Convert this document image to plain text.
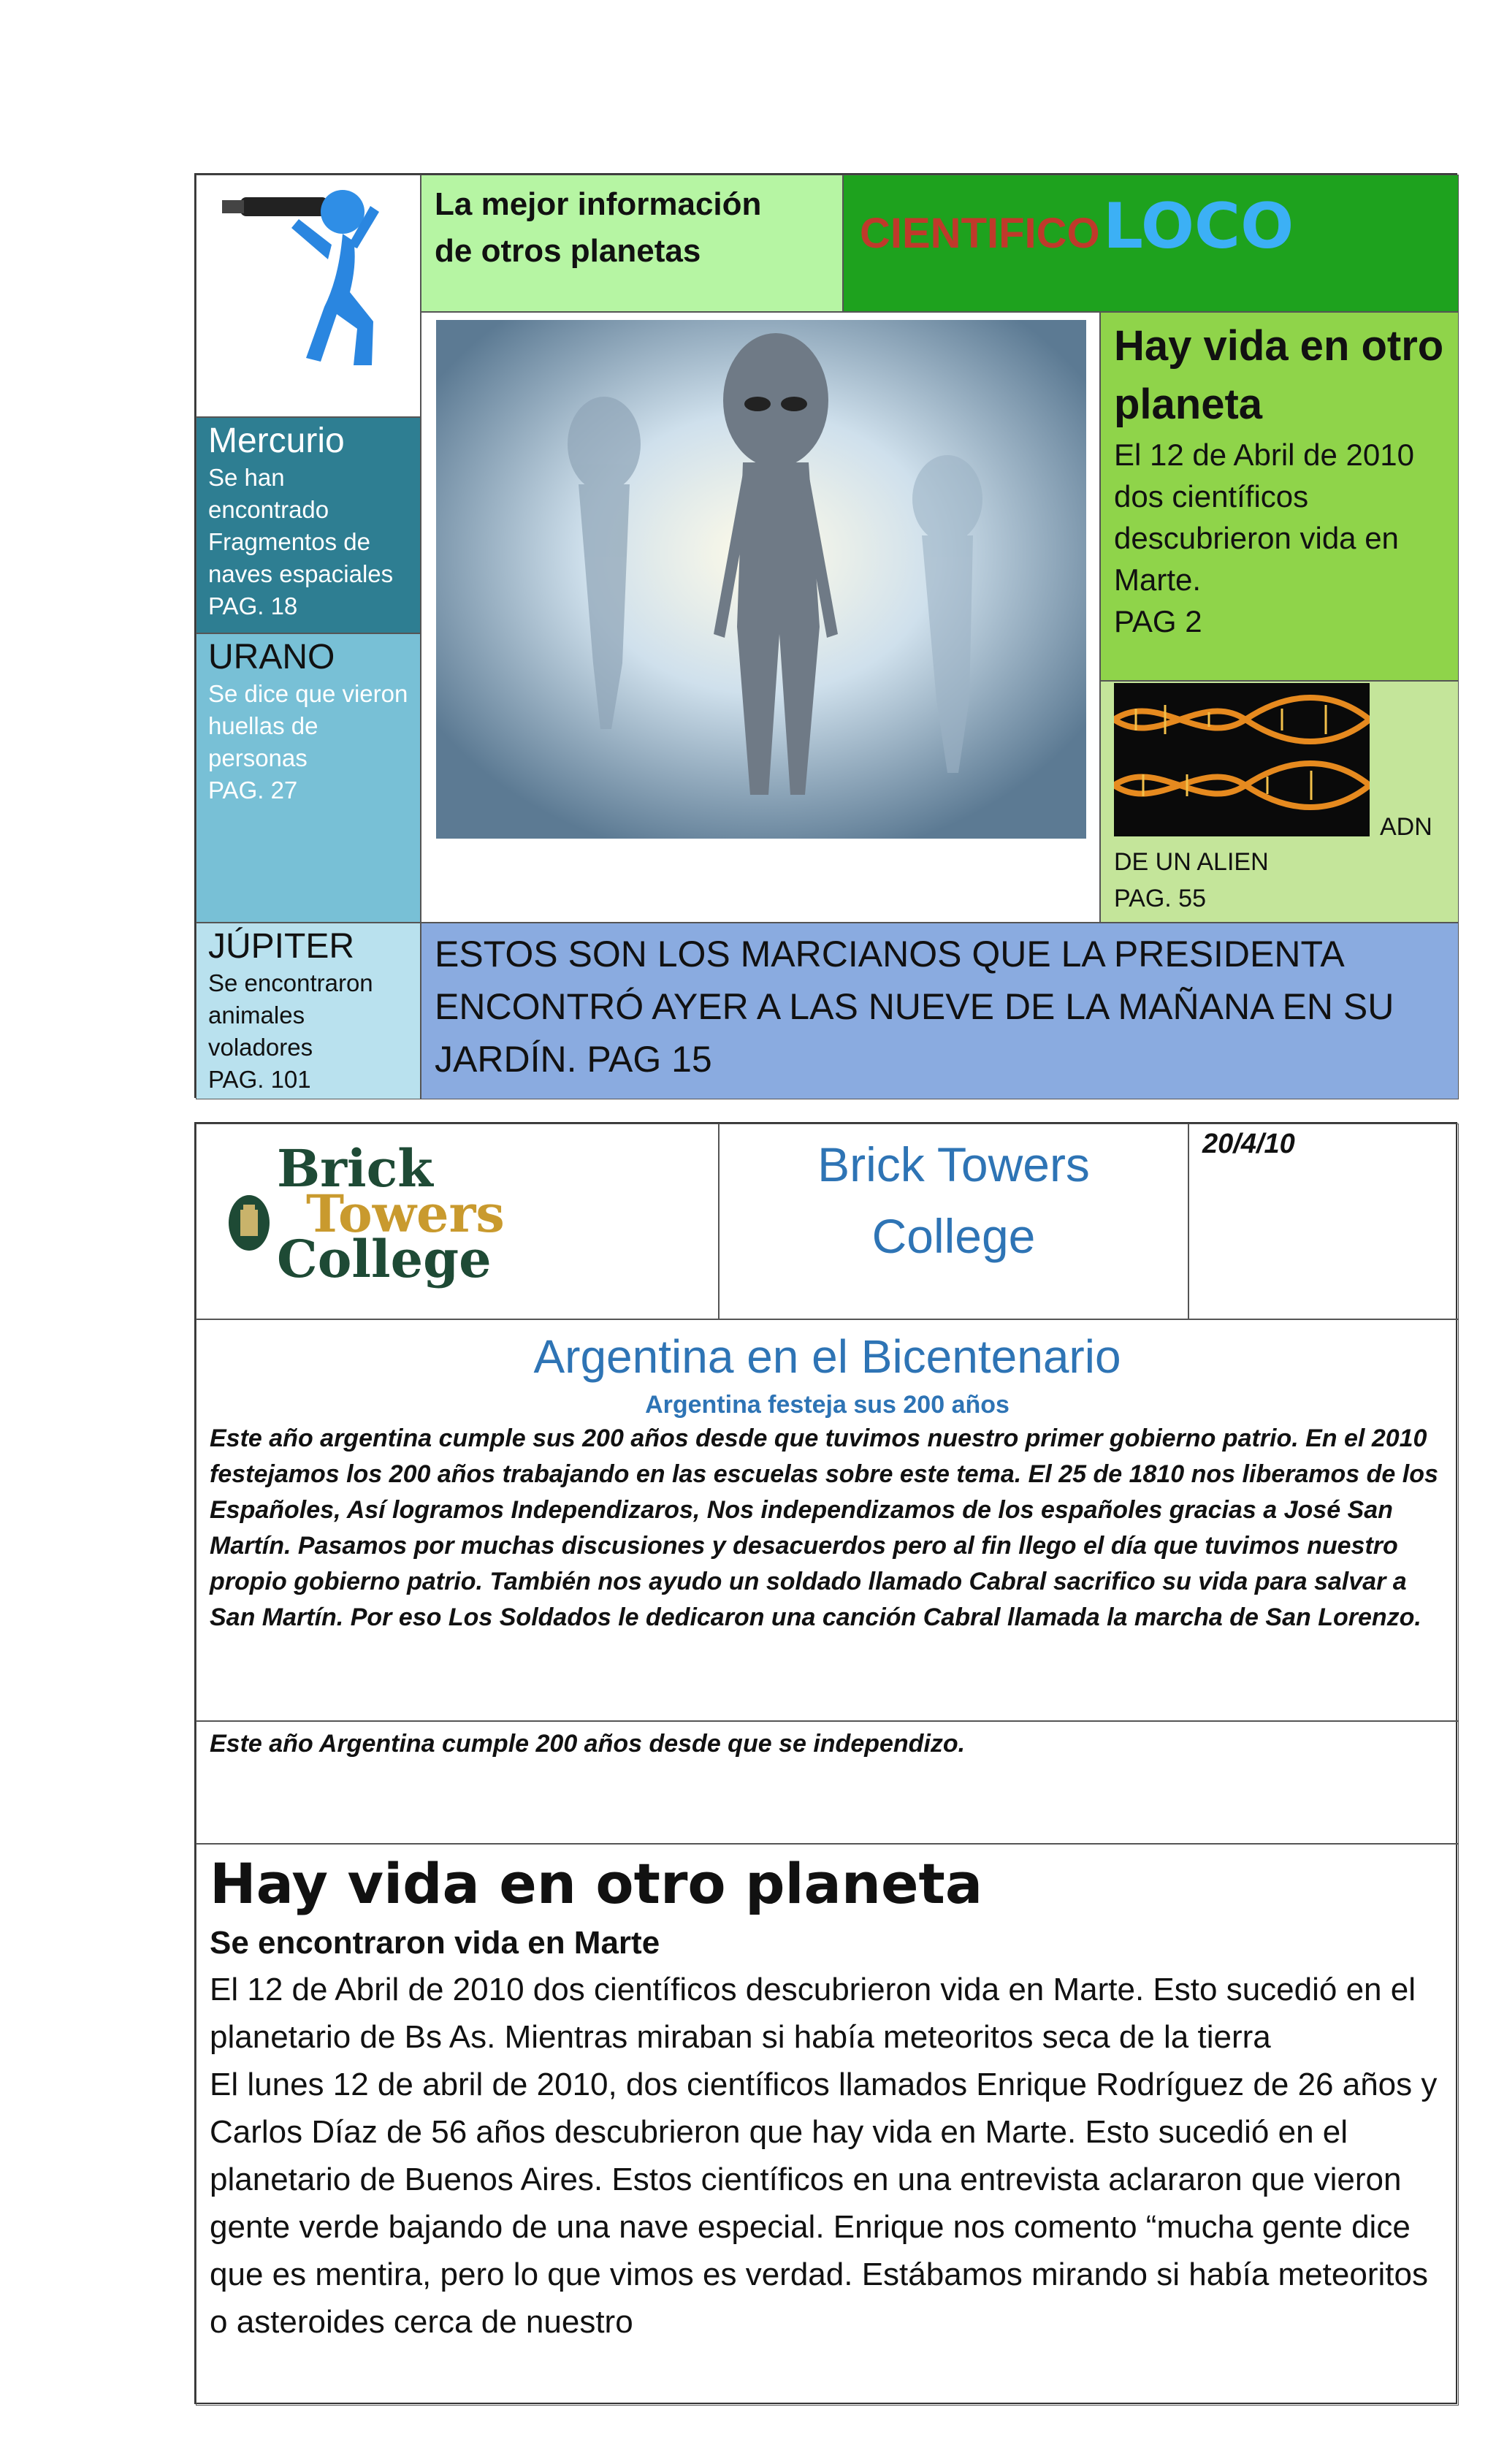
La mejor información de otros planetas	CIENTIFICO LOCO
Mercurio
Se han encontrado Fragmentos de naves espaciales
PAG. 18
URANO
Se dice que vieron huellas de personas
PAG. 27
JÚPITER
Se encontraron animales voladores
PAG. 101
Hay vida en otro planeta
El 12 de Abril de 2010 dos científicos descubrieron vida en Marte.
PAG 2
ADN
DE UN ALIEN
PAG. 55
ESTOS SON LOS MARCIANOS QUE LA PRESIDENTA ENCONTRÓ AYER A LAS NUEVE DE LA MAÑANA EN SU JARDÍN. PAG 15
Brick
Towers
College
Brick Towers College
20/4/10
Argentina en el Bicentenario
Argentina festeja sus 200 años
Este año argentina cumple sus 200 años desde que tuvimos nuestro primer gobierno patrio. En el 2010 festejamos los 200 años trabajando en las escuelas sobre este tema. El 25 de 1810 nos liberamos de los Españoles, Así logramos Independizaros, Nos independizamos de los españoles gracias a José San Martín. Pasamos por muchas discusiones y desacuerdos pero al fin llego el día que tuvimos nuestro propio gobierno patrio. También nos ayudo un soldado llamado Cabral sacrifico su vida para salvar a San Martín. Por eso Los Soldados le dedicaron una canción Cabral llamada la marcha de San Lorenzo.
Este año Argentina cumple 200 años desde que se independizo.
Hay vida en otro planeta
Se encontraron vida en Marte
El 12 de Abril de 2010 dos científicos descubrieron vida en Marte. Esto sucedió en el planetario de Bs As. Mientras miraban si había meteoritos seca de la tierra
El lunes 12 de abril de 2010, dos científicos llamados Enrique Rodríguez de 26 años y Carlos Díaz de 56 años descubrieron que hay vida en Marte. Esto sucedió en el planetario de Buenos Aires. Estos científicos en una entrevista aclararon que vieron gente verde bajando de una nave especial. Enrique nos comento “mucha gente dice que es mentira, pero lo que vimos es verdad. Estábamos mirando si había meteoritos o asteroides cerca de nuestro
